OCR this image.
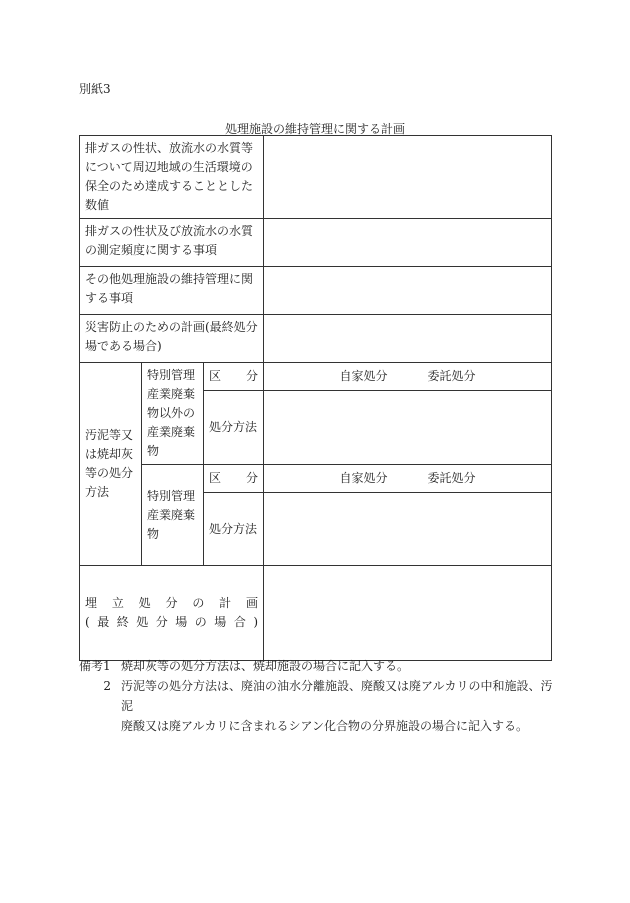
別紙3
処理施設の維持管理に関する計画
排ガスの性状、放流水の水質等について周辺地域の生活環境の保全のため達成することとした数値			
排ガスの性状及び放流水の水質の測定頻度に関する事項			
その他処理施設の維持管理に関する事項			
災害防止のための計画(最終処分場である場合)			
汚泥等又は焼却灰等の処分方法	特別管理産業廃棄物以外の産業廃棄物	区　　分	自家処分 委託処分
		処分方法	
	特別管理産業廃棄物	区　　分	自家処分 委託処分
		処分方法	

埋立処分の計画
(最終処分場の場合)			

備考1 焼却灰等の処分方法は、焼却施設の場合に記入する。
2 汚泥等の処分方法は、廃油の油水分離施設、廃酸又は廃アルカリの中和施設、汚泥
廃酸又は廃アルカリに含まれるシアン化合物の分界施設の場合に記入する。
